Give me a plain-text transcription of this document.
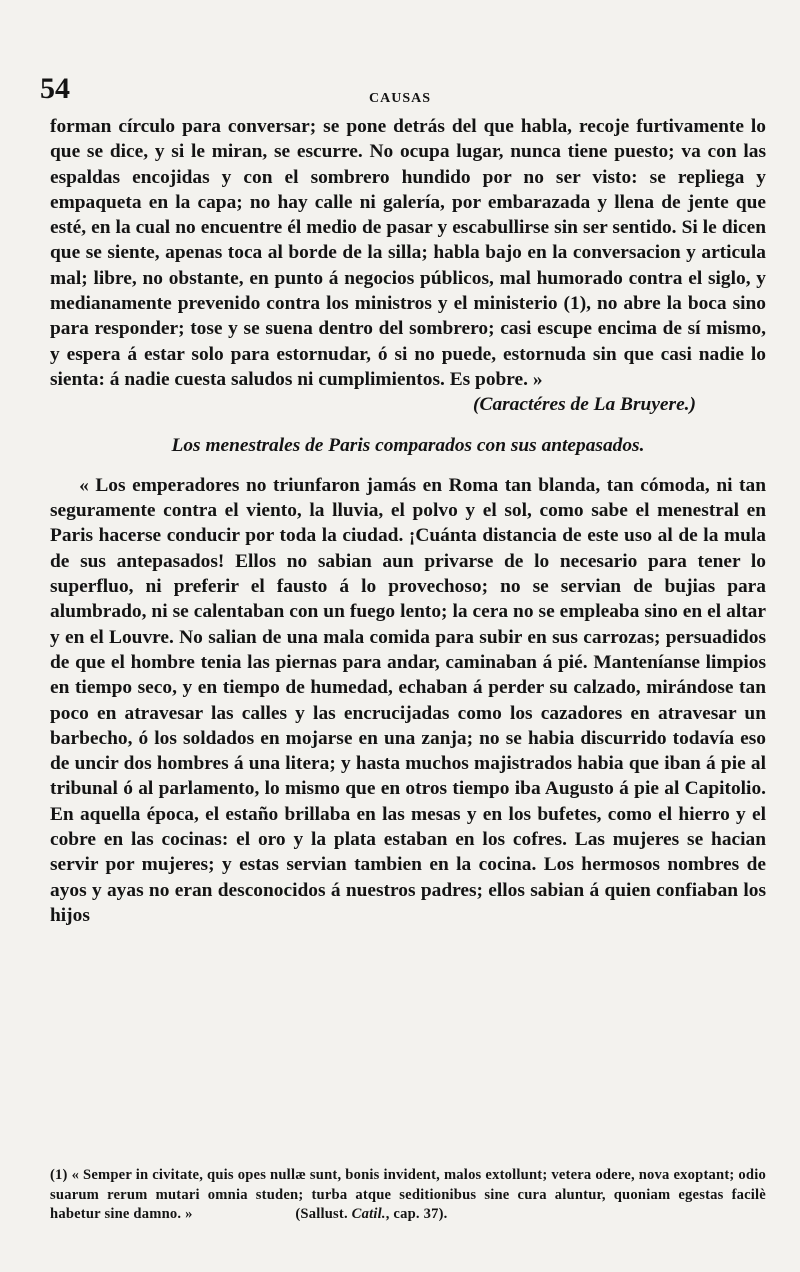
54	CAUSAS

forman círculo para conversar; se pone detrás del que habla, recoje furtivamente lo que se dice, y si le miran, se escurre. No ocupa lugar, nunca tiene puesto; va con las espaldas encojidas y con el sombrero hundido por no ser visto: se repliega y empaqueta en la capa; no hay calle ni galería, por embarazada y llena de jente que esté, en la cual no encuentre él medio de pasar y escabullirse sin ser sentido. Si le dicen que se siente, apenas toca al borde de la silla; habla bajo en la conversacion y articula mal; libre, no obstante, en punto á negocios públicos, mal humorado contra el siglo, y medianamente prevenido contra los ministros y el ministerio (1), no abre la boca sino para responder; tose y se suena dentro del sombrero; casi escupe encima de sí mismo, y espera á estar solo para estornudar, ó si no puede, estornuda sin que casi nadie lo sienta: á nadie cuesta saludos ni cumplimientos. Es pobre. »

(Caractéres de La Bruyere.)

Los menestrales de Paris comparados con sus antepasados.

« Los emperadores no triunfaron jamás en Roma tan blanda, tan cómoda, ni tan seguramente contra el viento, la lluvia, el polvo y el sol, como sabe el menestral en Paris hacerse conducir por toda la ciudad. ¡Cuánta distancia de este uso al de la mula de sus antepasados! Ellos no sabian aun privarse de lo necesario para tener lo superfluo, ni preferir el fausto á lo provechoso; no se servian de bujias para alumbrado, ni se calentaban con un fuego lento; la cera no se empleaba sino en el altar y en el Louvre. No salian de una mala comida para subir en sus carrozas; persuadidos de que el hombre tenia las piernas para andar, caminaban á pié. Manteníanse limpios en tiempo seco, y en tiempo de humedad, echaban á perder su calzado, mirándose tan poco en atravesar las calles y las encrucijadas como los cazadores en atravesar un barbecho, ó los soldados en mojarse en una zanja; no se habia discurrido todavía eso de uncir dos hombres á una litera; y hasta muchos majistrados habia que iban á pie al tribunal ó al parlamento, lo mismo que en otros tiempo iba Augusto á pie al Capitolio. En aquella época, el estaño brillaba en las mesas y en los bufetes, como el hierro y el cobre en las cocinas: el oro y la plata estaban en los cofres. Las mujeres se hacian servir por mujeres; y estas servian tambien en la cocina. Los hermosos nombres de ayos y ayas no eran desconocidos á nuestros padres; ellos sabian á quien confiaban los hijos

(1) « Semper in civitate, quis opes nullæ sunt, bonis invident, malos extollunt; vetera odere, nova exoptant; odio suarum rerum mutari omnia studen; turba atque seditionibus sine cura aluntur, quoniam egestas facilè habetur sine damno. »	(Sallust. Catil., cap. 37).
